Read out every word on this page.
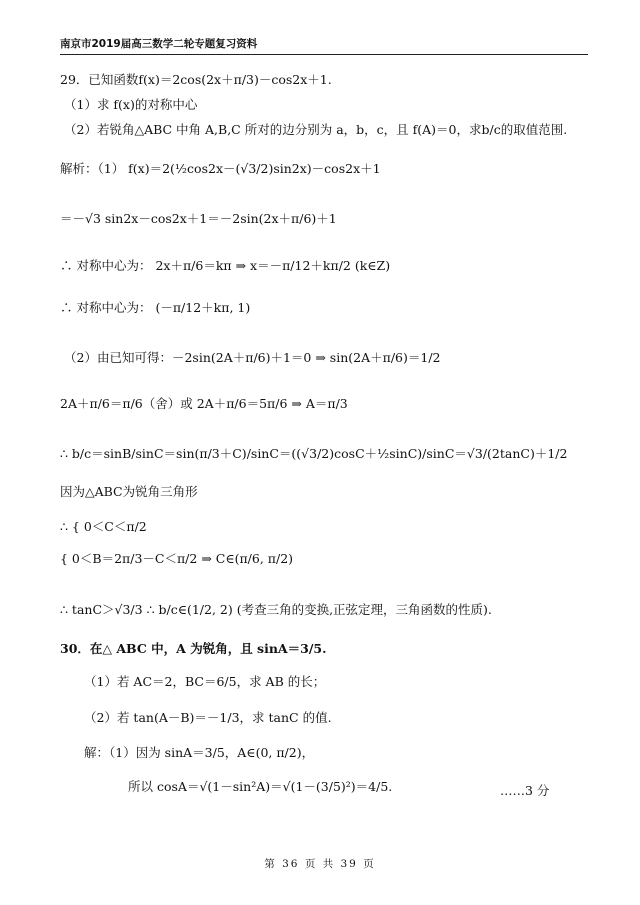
南京市2019届高三数学二轮专题复习资料
29．已知函数f(x)＝2cos(2x＋π/3)－cos2x＋1.
（1）求 f(x)的对称中心
（2）若锐角△ABC 中角 A,B,C 所对的边分别为 a，b，c，且 f(A)＝0，求b/c的取值范围.
解析：（1） f(x)＝2(½cos2x－(√3/2)sin2x)－cos2x＋1
＝－√3 sin2x－cos2x＋1＝－2sin(2x＋π/6)＋1
∴ 对称中心为： 2x＋π/6＝kπ ⇒ x＝－π/12＋kπ/2 (k∈Z)
∴ 对称中心为： (－π/12＋kπ, 1)
（2）由已知可得：－2sin(2A＋π/6)＋1＝0 ⇒ sin(2A＋π/6)＝1/2
2A＋π/6＝π/6（舍）或 2A＋π/6＝5π/6 ⇒ A＝π/3
∴ b/c＝sinB/sinC＝sin(π/3＋C)/sinC＝((√3/2)cosC＋½sinC)/sinC＝√3/(2tanC)＋1/2
因为△ABC为锐角三角形
∴ { 0＜C＜π/2
{ 0＜B＝2π/3－C＜π/2 ⇒ C∈(π/6, π/2)
∴ tanC＞√3/3 ∴ b/c∈(1/2, 2) (考查三角的变换,正弦定理，三角函数的性质).
30．在△ ABC 中，A 为锐角，且 sinA＝3/5.
（1）若 AC＝2，BC＝6/5，求 AB 的长；
（2）若 tan(A－B)＝－1/3，求 tanC 的值.
解：（1）因为 sinA＝3/5，A∈(0, π/2)，
所以 cosA＝√(1－sin²A)＝√(1－(3/5)²)＝4/5.	……3 分
第 36 页 共 39 页
